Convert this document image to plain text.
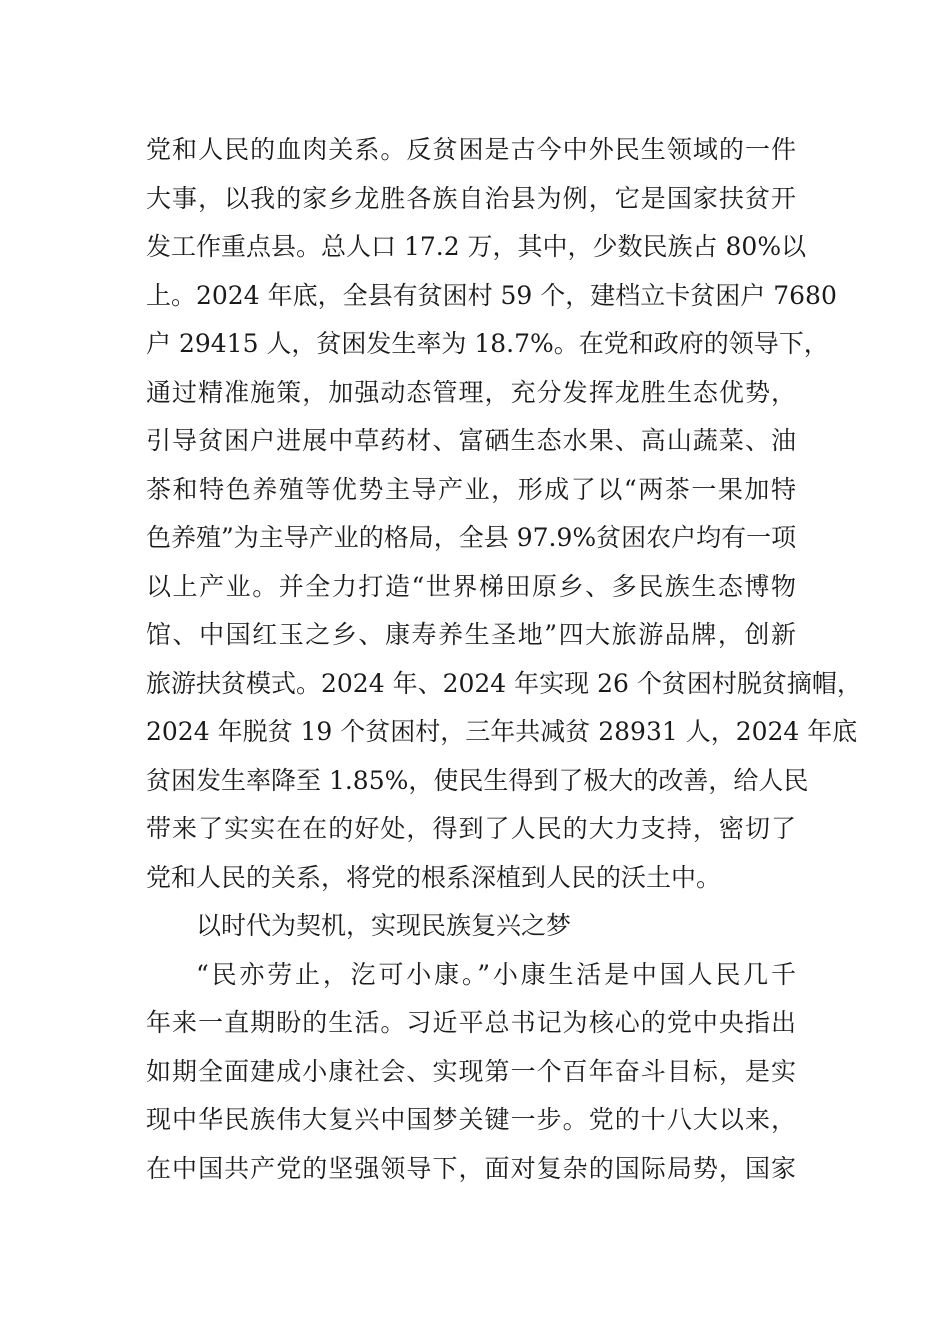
党和人民的血肉关系。反贫困是古今中外民生领域的一件
大事，以我的家乡龙胜各族自治县为例，它是国家扶贫开
发工作重点县。总人口 17.2 万，其中，少数民族占 80%以
上。2024 年底，全县有贫困村 59 个，建档立卡贫困户 7680
户 29415 人，贫困发生率为 18.7%。在党和政府的领导下，
通过精准施策，加强动态管理，充分发挥龙胜生态优势，
引导贫困户进展中草药材、富硒生态水果、高山蔬菜、油
茶和特色养殖等优势主导产业，形成了以“两茶一果加特
色养殖”为主导产业的格局，全县 97.9%贫困农户均有一项
以上产业。并全力打造“世界梯田原乡、多民族生态博物
馆、中国红玉之乡、康寿养生圣地”四大旅游品牌，创新
旅游扶贫模式。2024 年、2024 年实现 26 个贫困村脱贫摘帽，
2024 年脱贫 19 个贫困村，三年共减贫 28931 人，2024 年底
贫困发生率降至 1.85%，使民生得到了极大的改善，给人民
带来了实实在在的好处，得到了人民的大力支持，密切了
党和人民的关系，将党的根系深植到人民的沃土中。
以时代为契机，实现民族复兴之梦
“民亦劳止，汔可小康。”小康生活是中国人民几千
年来一直期盼的生活。习近平总书记为核心的党中央指出
如期全面建成小康社会、实现第一个百年奋斗目标，是实
现中华民族伟大复兴中国梦关键一步。党的十八大以来，
在中国共产党的坚强领导下，面对复杂的国际局势，国家
